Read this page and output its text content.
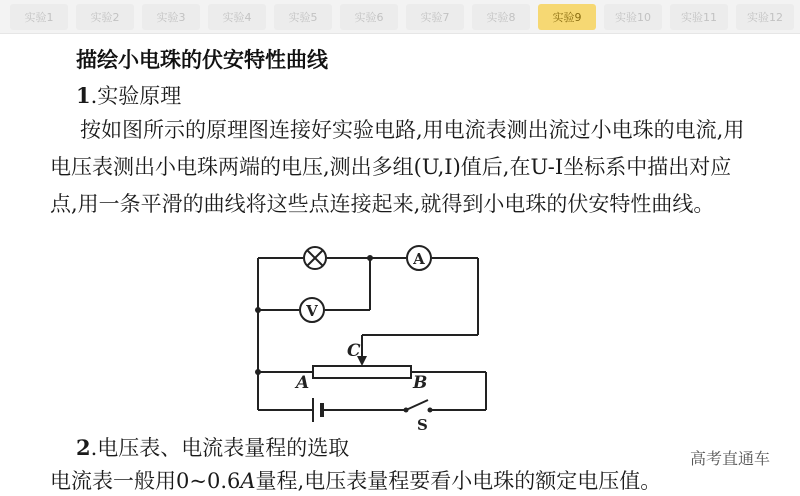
实验1	实验2	实验3	实验4	实验5	实验6	实验7	实验8	实验9	实验10	实验11	实验12
描绘小电珠的伏安特性曲线
1.实验原理

按如图所示的原理图连接好实验电路,用电流表测出流过小电珠的电流,用电压表测出小电珠两端的电压,测出多组(U,I)值后,在U-I坐标系中描出对应点,用一条平滑的曲线将这些点连接起来,就得到小电珠的伏安特性曲线。

A
V
C
A	B
S
2.电压表、电流表量程的选取
电流表一般用0~0.6A量程,电压表量程要看小电珠的额定电压值。
高考直通车
